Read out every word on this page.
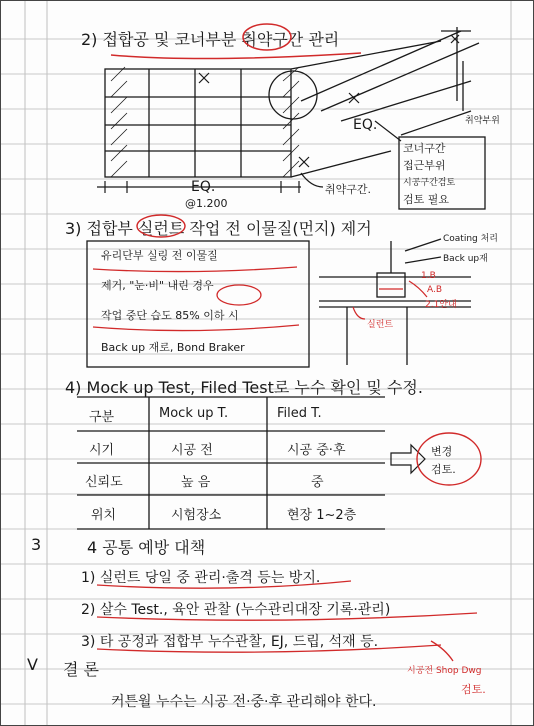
2) 접합공 및 코너부분 취약구간 관리
EQ.
EQ.
@1.200
취약구간.
취약부위
코너구간
접근부위
시공구간검토
검토 필요
3) 접합부 실런트 작업 전 이물질(먼지) 제거
유리단부 실링 전 이물질
제거, "눈·비" 내린 경우
작업 중단 습도 85% 이하 시
Back up 재로, Bond Braker
Coating 처리
Back up재
1.B
A.B
2.1안내
실런트
4) Mock up Test, Filed Test로 누수 확인 및 수정.
구분	Mock up T.	Filed T.
시기	시공 전	시공 중·후
신뢰도	높 음	중
위치	시험장소	현장 1~2층
변경
검토.
3	4 공통 예방 대책
1) 실런트 당일 중 관리·출격 등는 방지.
2) 살수 Test., 육안 관찰 (누수관리대장 기록·관리)
3) 타 공정과 접합부 누수관찰, EJ, 드립, 석재 등.
시공전 Shop Dwg
검토.
V 결 론
커튼월 누수는 시공 전·중·후 관리해야 한다.
